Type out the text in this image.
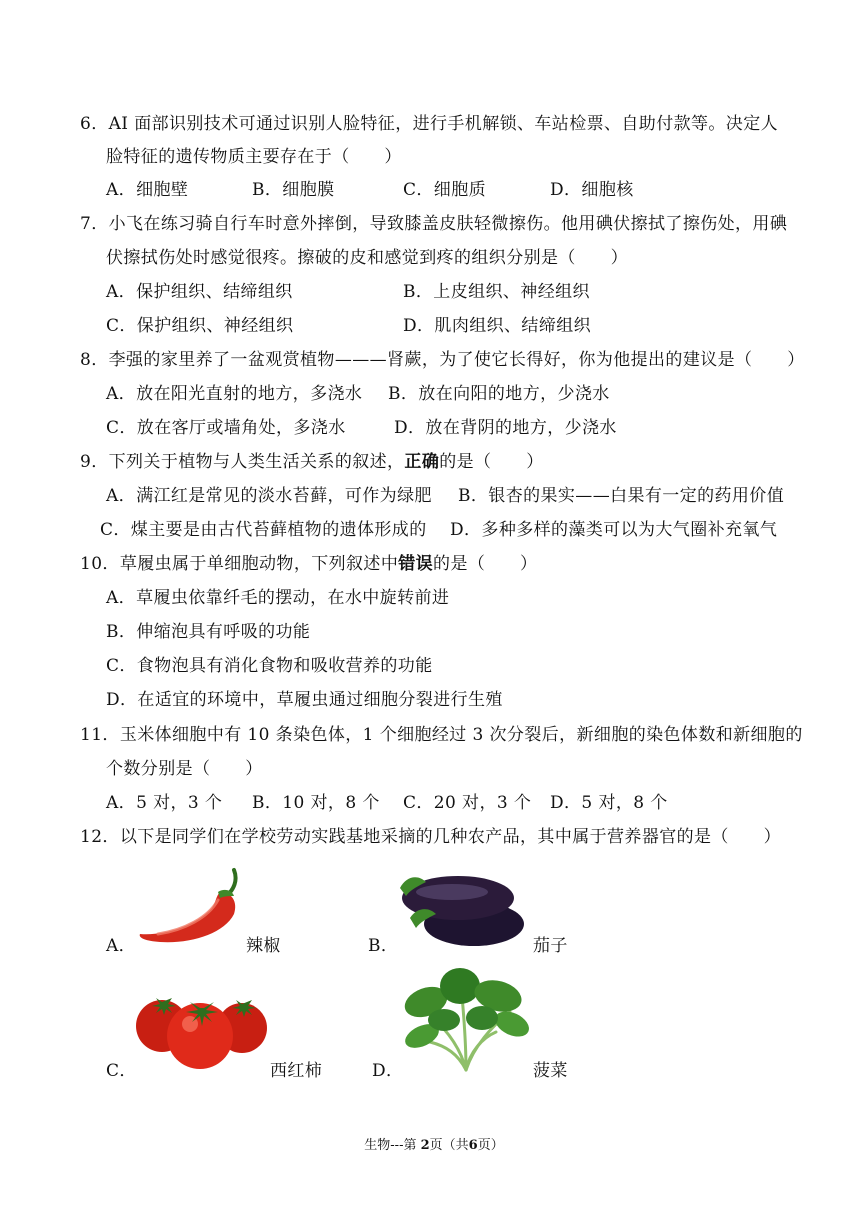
6．AI 面部识别技术可通过识别人脸特征，进行手机解锁、车站检票、自助付款等。决定人
脸特征的遗传物质主要存在于（　　）
A．细胞壁	B．细胞膜	C．细胞质	D．细胞核
7．小飞在练习骑自行车时意外摔倒，导致膝盖皮肤轻微擦伤。他用碘伏擦拭了擦伤处，用碘
伏擦拭伤处时感觉很疼。擦破的皮和感觉到疼的组织分别是（　　）
A．保护组织、结缔组织	B．上皮组织、神经组织
C．保护组织、神经组织	D．肌肉组织、结缔组织
8．李强的家里养了一盆观赏植物———肾蕨，为了使它长得好，你为他提出的建议是（　　）
A．放在阳光直射的地方，多浇水 B．放在向阳的地方，少浇水
C．放在客厅或墙角处，多浇水	D．放在背阴的地方，少浇水
9．下列关于植物与人类生活关系的叙述，正确的是（　　）
A．满江红是常见的淡水苔藓，可作为绿肥 B．银杏的果实——白果有一定的药用价值
C．煤主要是由古代苔藓植物的遗体形成的 D．多种多样的藻类可以为大气圈补充氧气
10．草履虫属于单细胞动物，下列叙述中错误的是（　　）
A．草履虫依靠纤毛的摆动，在水中旋转前进
B．伸缩泡具有呼吸的功能
C．食物泡具有消化食物和吸收营养的功能
D．在适宜的环境中，草履虫通过细胞分裂进行生殖
11．玉米体细胞中有 10 条染色体，1 个细胞经过 3 次分裂后，新细胞的染色体数和新细胞的
个数分别是（　　）
A．5 对，3 个 B．10 对，8 个 C．20 对，3 个 D．5 对，8 个
12．以下是同学们在学校劳动实践基地采摘的几种农产品，其中属于营养器官的是（　　）
A．	辣椒	B．	茄子
C．	西红柿	D．	菠菜
生物---第 2页（共6页）
